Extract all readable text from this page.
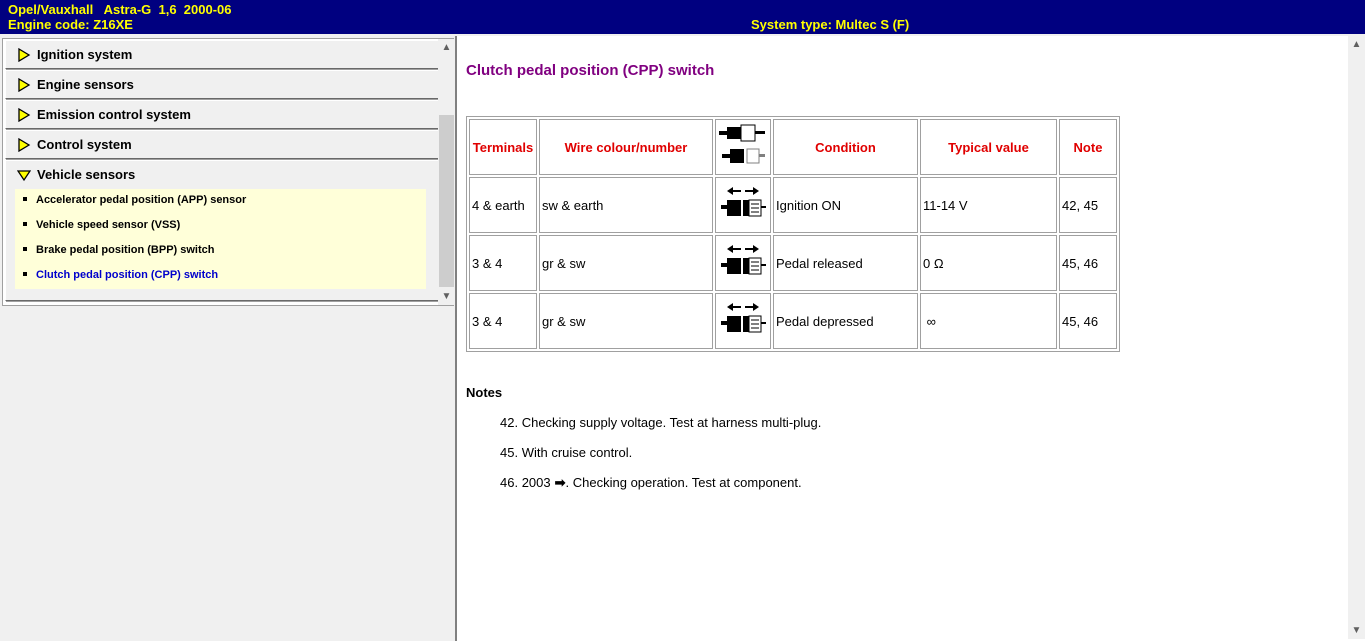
Opel/Vauxhall   Astra-G  1,6  2000-06
Engine code: Z16XE	System type: Multec S (F)
Ignition system
Engine sensors
Emission control system
Control system
Vehicle sensors
Accelerator pedal position (APP) sensor
Vehicle speed sensor (VSS)
Brake pedal position (BPP) switch
Clutch pedal position (CPP) switch
▲
▼
Clutch pedal position (CPP) switch
Terminals	Wire colour/number		Condition	Typical value	Note
4 & earth	sw & earth		Ignition ON	11-14 V	42, 45
3 & 4	gr & sw		Pedal released	0 Ω	45, 46
3 & 4	gr & sw		Pedal depressed	∞	45, 46
Notes
42. Checking supply voltage. Test at harness multi-plug.
45. With cruise control.
46. 2003 ➡. Checking operation. Test at component.
▲
▼
